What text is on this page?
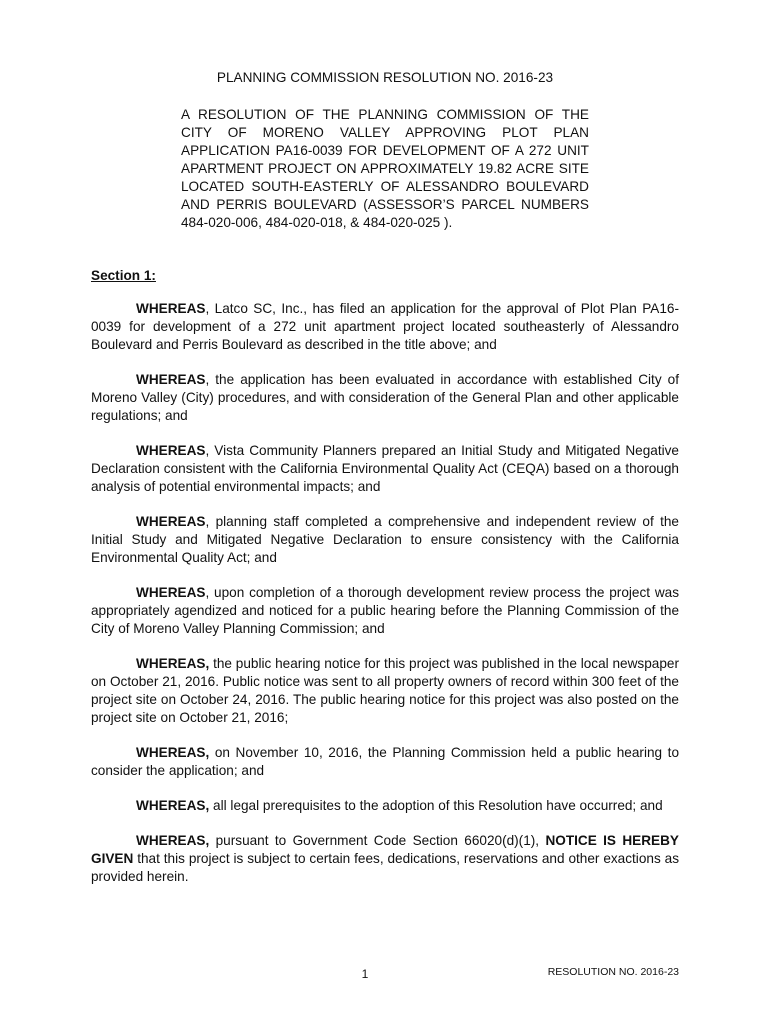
PLANNING COMMISSION RESOLUTION NO. 2016-23
A RESOLUTION OF THE PLANNING COMMISSION OF THE CITY OF MORENO VALLEY APPROVING PLOT PLAN APPLICATION PA16-0039 FOR DEVELOPMENT OF A 272 UNIT APARTMENT PROJECT ON APPROXIMATELY 19.82 ACRE SITE LOCATED SOUTH-EASTERLY OF ALESSANDRO BOULEVARD AND PERRIS BOULEVARD (ASSESSOR’S PARCEL NUMBERS 484-020-006, 484-020-018, & 484-020-025 ).
Section 1:

WHEREAS, Latco SC, Inc., has filed an application for the approval of Plot Plan PA16-0039 for development of a 272 unit apartment project located southeasterly of Alessandro Boulevard and Perris Boulevard as described in the title above; and

WHEREAS, the application has been evaluated in accordance with established City of Moreno Valley (City) procedures, and with consideration of the General Plan and other applicable regulations; and

WHEREAS, Vista Community Planners prepared an Initial Study and Mitigated Negative Declaration consistent with the California Environmental Quality Act (CEQA) based on a thorough analysis of potential environmental impacts; and

WHEREAS, planning staff completed a comprehensive and independent review of the Initial Study and Mitigated Negative Declaration to ensure consistency with the California Environmental Quality Act; and

WHEREAS, upon completion of a thorough development review process the project was appropriately agendized and noticed for a public hearing before the Planning Commission of the City of Moreno Valley Planning Commission; and

WHEREAS, the public hearing notice for this project was published in the local newspaper on October 21, 2016. Public notice was sent to all property owners of record within 300 feet of the project site on October 24, 2016. The public hearing notice for this project was also posted on the project site on October 21, 2016;

WHEREAS, on November 10, 2016, the Planning Commission held a public hearing to consider the application; and

WHEREAS, all legal prerequisites to the adoption of this Resolution have occurred; and

WHEREAS, pursuant to Government Code Section 66020(d)(1), NOTICE IS HEREBY GIVEN that this project is subject to certain fees, dedications, reservations and other exactions as provided herein.

1	RESOLUTION NO. 2016-23
